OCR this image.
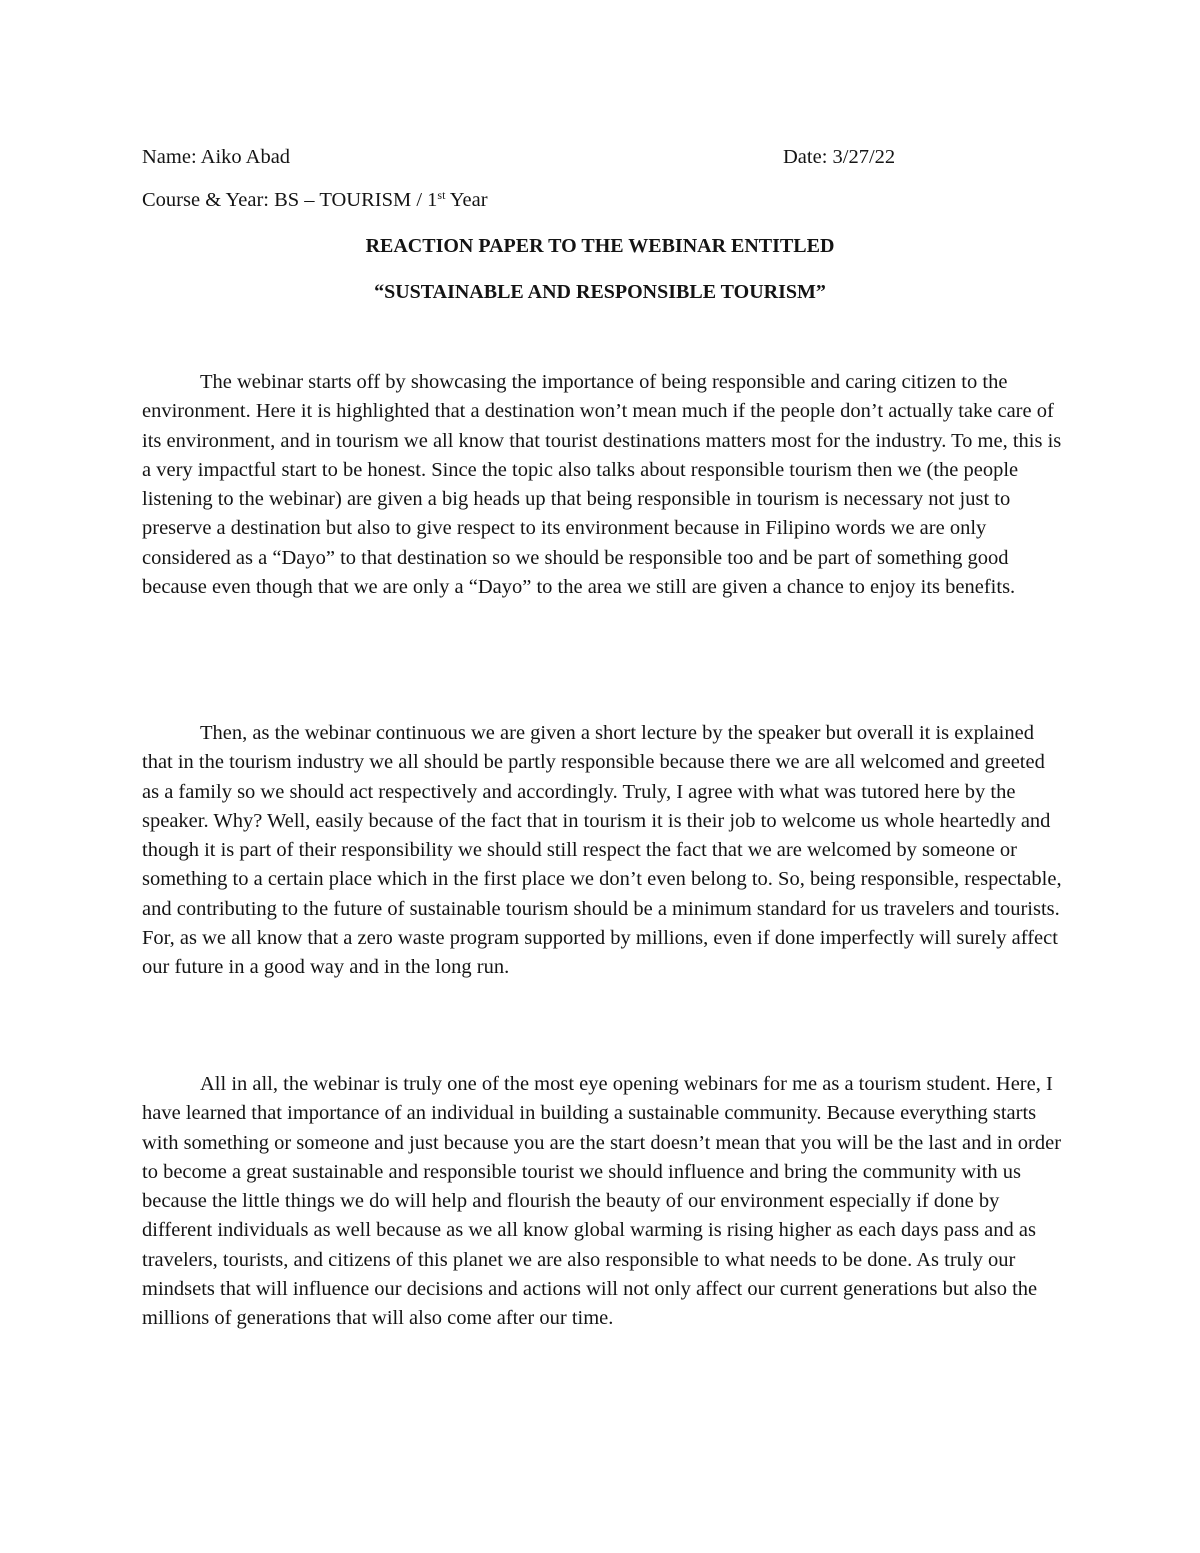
Name: Aiko Abad	Date: 3/27/22
Course & Year: BS – TOURISM / 1st Year
REACTION PAPER TO THE WEBINAR ENTITLED
“SUSTAINABLE AND RESPONSIBLE TOURISM”

The webinar starts off by showcasing the importance of being responsible and caring citizen to the environment. Here it is highlighted that a destination won’t mean much if the people don’t actually take care of its environment, and in tourism we all know that tourist destinations matters most for the industry. To me, this is a very impactful start to be honest. Since the topic also talks about responsible tourism then we (the people listening to the webinar) are given a big heads up that being responsible in tourism is necessary not just to preserve a destination but also to give respect to its environment because in Filipino words we are only considered as a “Dayo” to that destination so we should be responsible too and be part of something good because even though that we are only a “Dayo” to the area we still are given a chance to enjoy its benefits.

Then, as the webinar continuous we are given a short lecture by the speaker but overall it is explained that in the tourism industry we all should be partly responsible because there we are all welcomed and greeted as a family so we should act respectively and accordingly. Truly, I agree with what was tutored here by the speaker. Why? Well, easily because of the fact that in tourism it is their job to welcome us whole heartedly and though it is part of their responsibility we should still respect the fact that we are welcomed by someone or something to a certain place which in the first place we don’t even belong to. So, being responsible, respectable, and contributing to the future of sustainable tourism should be a minimum standard for us travelers and tourists. For, as we all know that a zero waste program supported by millions, even if done imperfectly will surely affect our future in a good way and in the long run.

All in all, the webinar is truly one of the most eye opening webinars for me as a tourism student. Here, I have learned that importance of an individual in building a sustainable community. Because everything starts with something or someone and just because you are the start doesn’t mean that you will be the last and in order to become a great sustainable and responsible tourist we should influence and bring the community with us because the little things we do will help and flourish the beauty of our environment especially if done by different individuals as well because as we all know global warming is rising higher as each days pass and as travelers, tourists, and citizens of this planet we are also responsible to what needs to be done. As truly our mindsets that will influence our decisions and actions will not only affect our current generations but also the millions of generations that will also come after our time.
